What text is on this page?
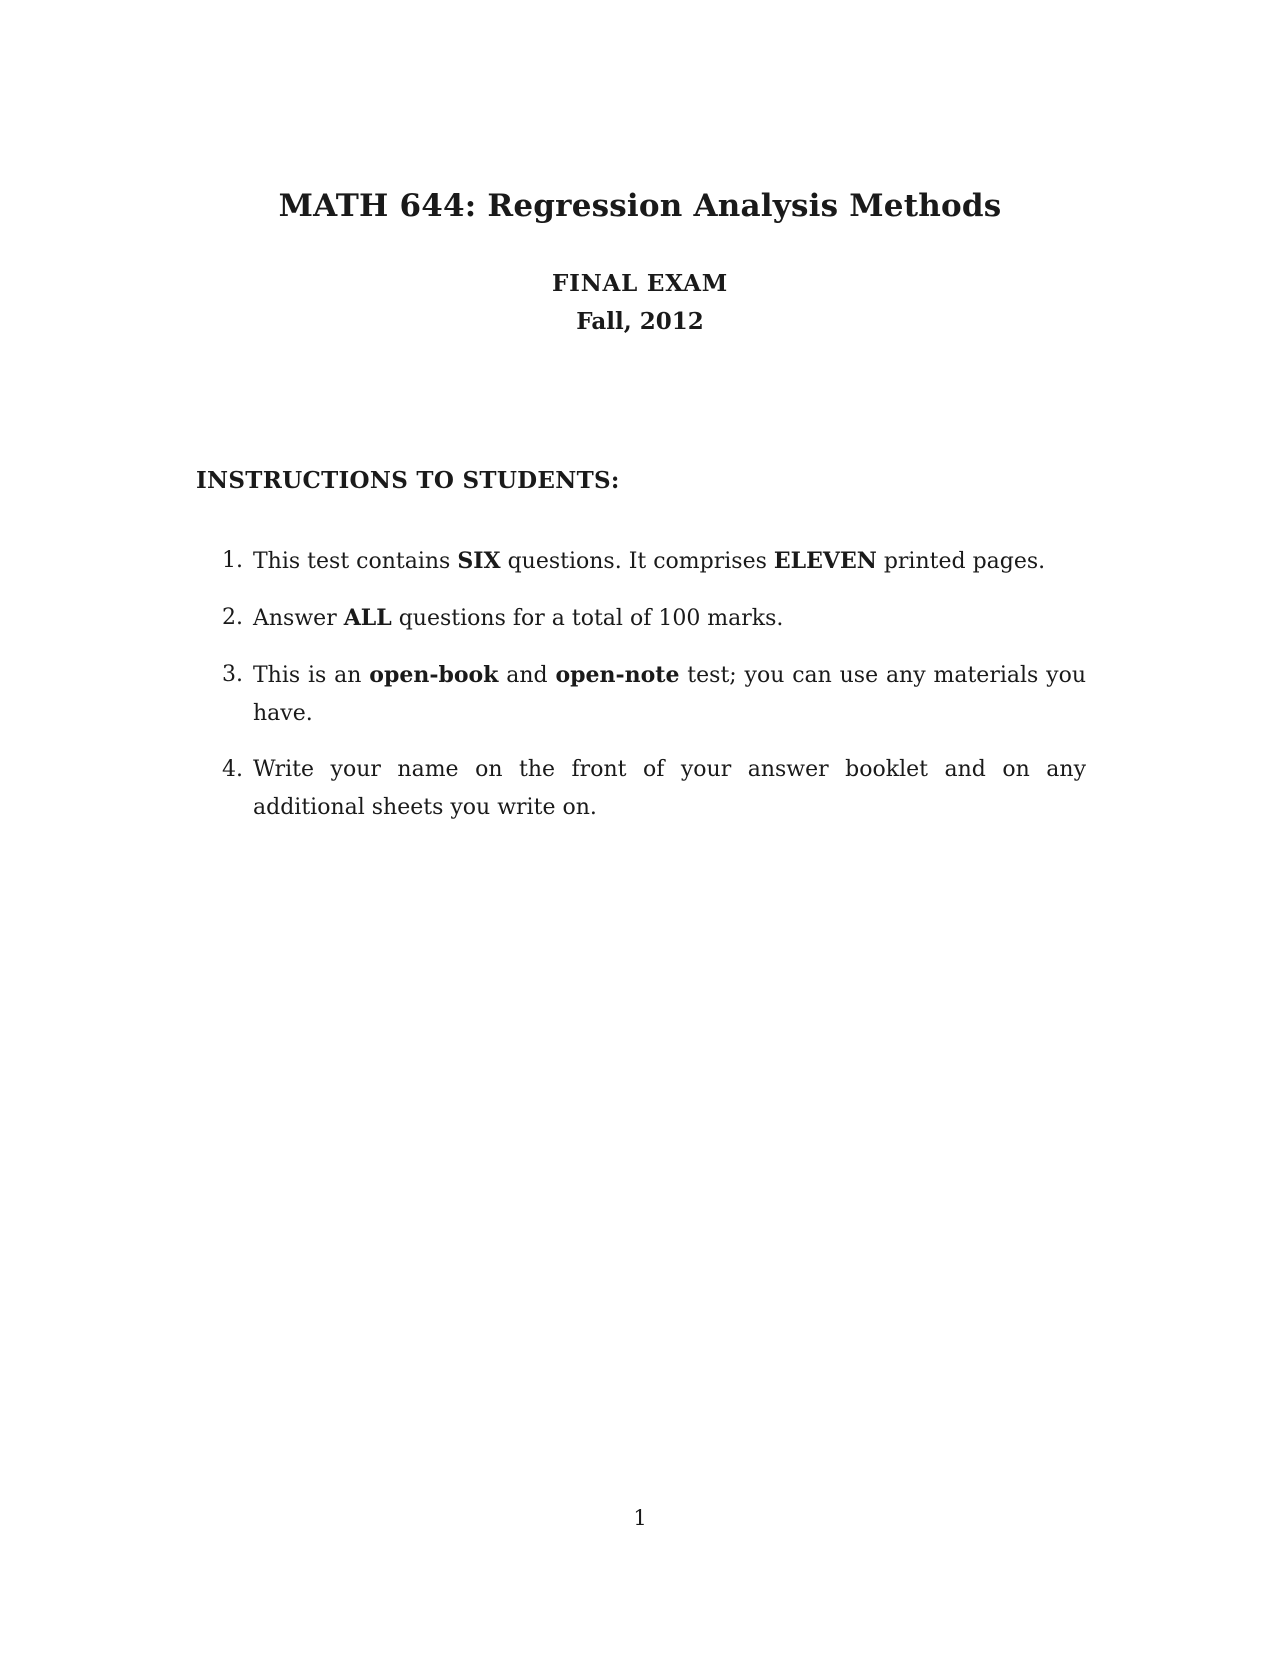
MATH 644: Regression Analysis Methods

FINAL EXAM

Fall, 2012

INSTRUCTIONS TO STUDENTS:
1. This test contains SIX questions. It comprises ELEVEN printed pages.
2. Answer ALL questions for a total of 100 marks.
3. This is an open-book and open-note test; you can use any materials you have.
4. Write your name on the front of your answer booklet and on any additional sheets you write on.

1
